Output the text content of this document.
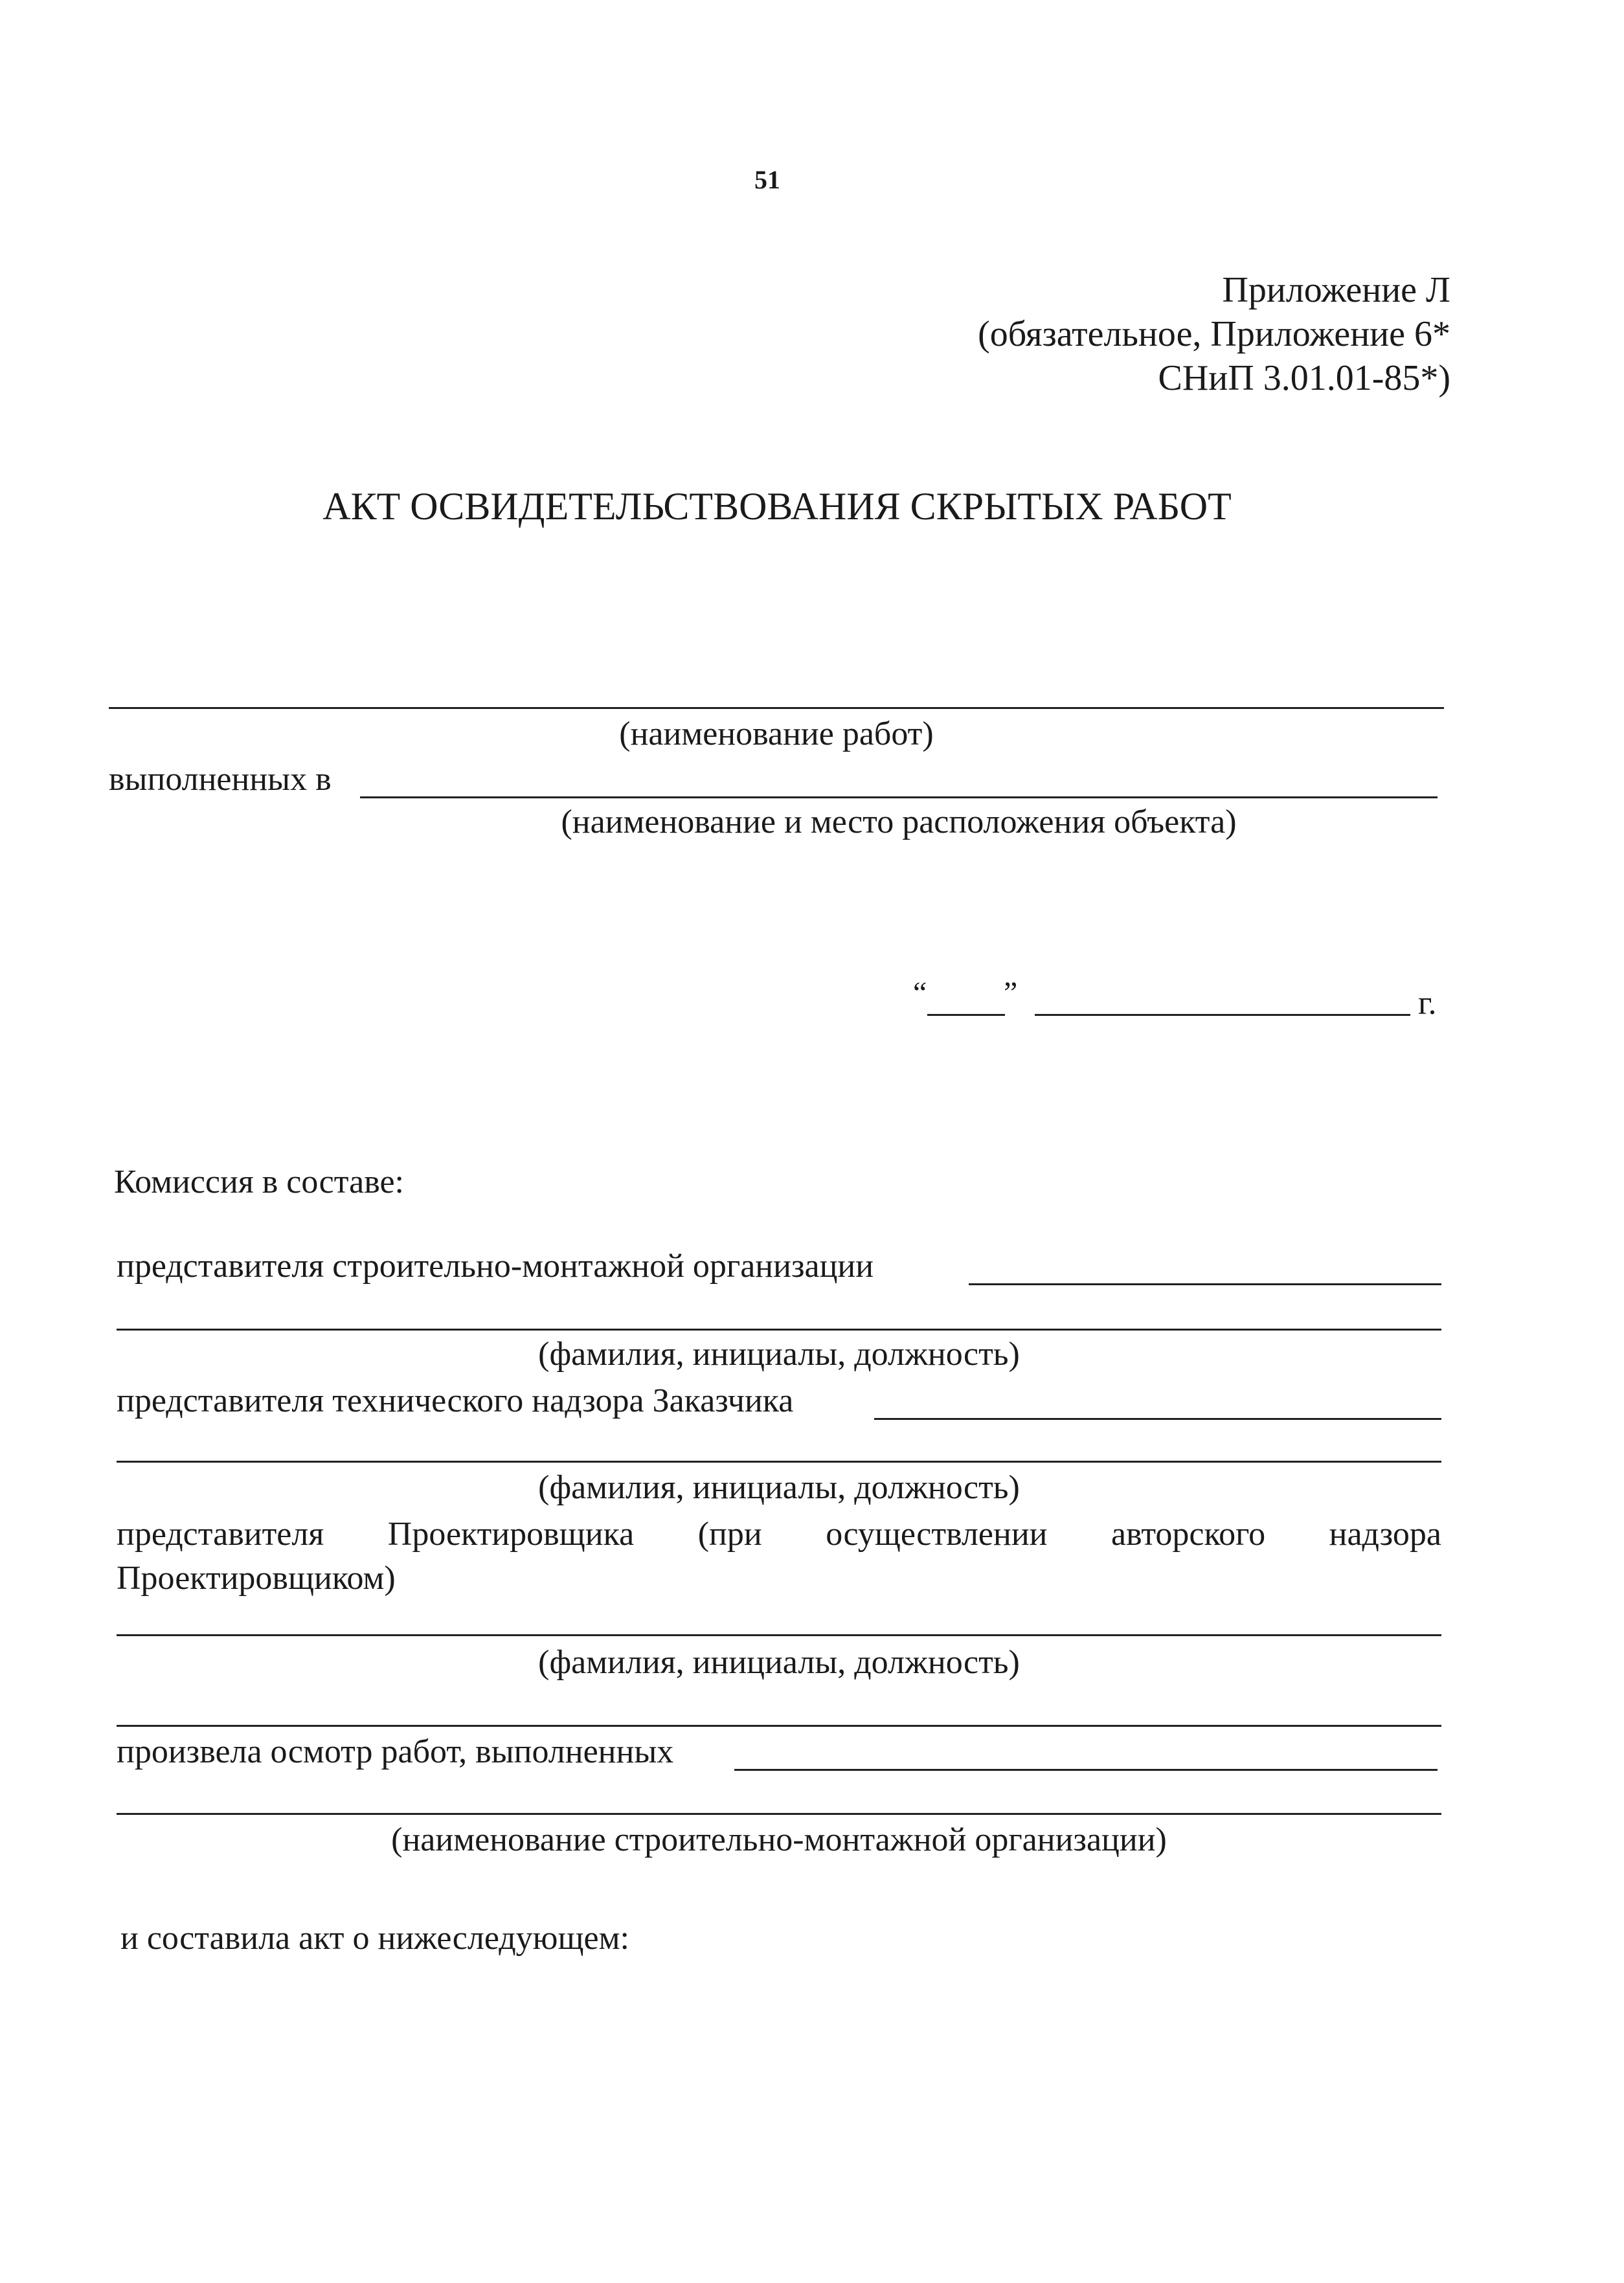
51
Приложение Л
(обязательное, Приложение 6*
СНиП 3.01.01-85*)
АКТ ОСВИДЕТЕЛЬСТВОВАНИЯ СКРЫТЫХ РАБОТ
(наименование работ)
выполненных в
(наименование и место расположения объекта)
“ ”	г.
Комиссия в составе:
представителя строительно-монтажной организации
(фамилия, инициалы, должность)
представителя технического надзора Заказчика
(фамилия, инициалы, должность)
представителя Проектировщика (при осуществлении авторского надзора
Проектировщиком)
(фамилия, инициалы, должность)
произвела осмотр работ, выполненных
(наименование строительно-монтажной организации)
и составила акт о нижеследующем:
